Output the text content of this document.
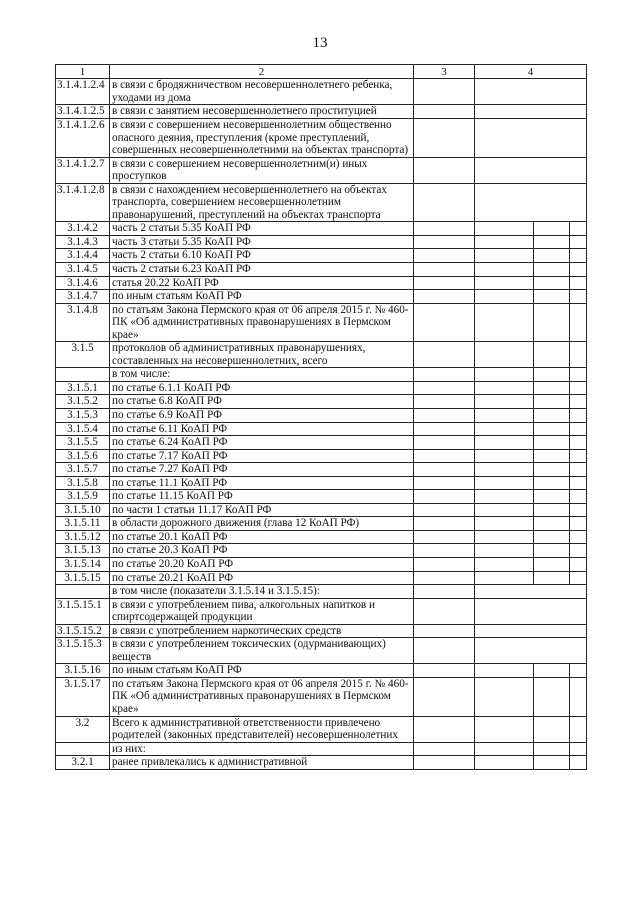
13
1	2	3	4		
3.1.4.1.2.4	в связи с бродяжничеством несовершеннолетнего ребенка, уходами из дома				
3.1.4.1.2.5	в связи с занятием несовершеннолетнего проституцией				
3.1.4.1.2.6	в связи с совершением несовершеннолетним общественно опасного деяния, преступления (кроме преступлений, совершенных несовершеннолетними на объектах транспорта)				
3.1.4.1.2.7	в связи с совершением несовершеннолетним(и) иных проступков				
3.1.4.1.2.8	в связи с нахождением несовершеннолетнего на объектах транспорта, совершением несовершеннолетним правонарушений, преступлений на объектах транспорта				
3.1.4.2	часть 2 статьи 5.35 КоАП РФ				
3.1.4.3	часть 3 статьи 5.35 КоАП РФ				
3.1.4.4	часть 2 статьи 6.10 КоАП РФ				
3.1.4.5	часть 2 статьи 6.23 КоАП РФ				
3.1.4.6	статья 20.22 КоАП РФ				
3.1.4.7	по иным статьям КоАП РФ				
3.1.4.8	по статьям Закона Пермского края от 06 апреля 2015 г. № 460-ПК «Об административных правонарушениях в Пермском крае»				
3.1.5	протоколов об административных правонарушениях, составленных на несовершеннолетних, всего				
	в том числе:				
3.1.5.1	по статье 6.1.1 КоАП РФ				
3.1.5.2	по статье 6.8 КоАП РФ				
3.1.5.3	по статье 6.9 КоАП РФ				
3.1.5.4	по статье 6.11 КоАП РФ				
3.1.5.5	по статье 6.24 КоАП РФ				
3.1.5.6	по статье 7.17 КоАП РФ				
3.1.5.7	по статье 7.27 КоАП РФ				
3.1.5.8	по статье 11.1 КоАП РФ				
3.1.5.9	по статье 11.15 КоАП РФ				
3.1.5.10	по части 1 статьи 11.17 КоАП РФ				
3.1.5.11	в области дорожного движения (глава 12 КоАП РФ)				
3.1.5.12	по статье 20.1 КоАП РФ				
3.1.5.13	по статье 20.3 КоАП РФ				
3.1.5.14	по статье 20.20 КоАП РФ				
3.1.5.15	по статье 20.21 КоАП РФ				
	в том числе (показатели 3.1.5.14 и 3.1.5.15):				
3.1.5.15.1	в связи с употреблением пива, алкогольных напитков и спиртсодержащей продукции				
3.1.5.15.2	в связи с употреблением наркотических средств				
3.1.5.15.3	в связи с употреблением токсических (одурманивающих) веществ				
3.1.5.16	по иным статьям КоАП РФ				
3.1.5.17	по статьям Закона Пермского края от 06 апреля 2015 г. № 460-ПК «Об административных правонарушениях в Пермском крае»				
3.2	Всего к административной ответственности привлечено родителей (законных представителей) несовершеннолетних				
	из них:				
3.2.1	ранее привлекались к административной				
